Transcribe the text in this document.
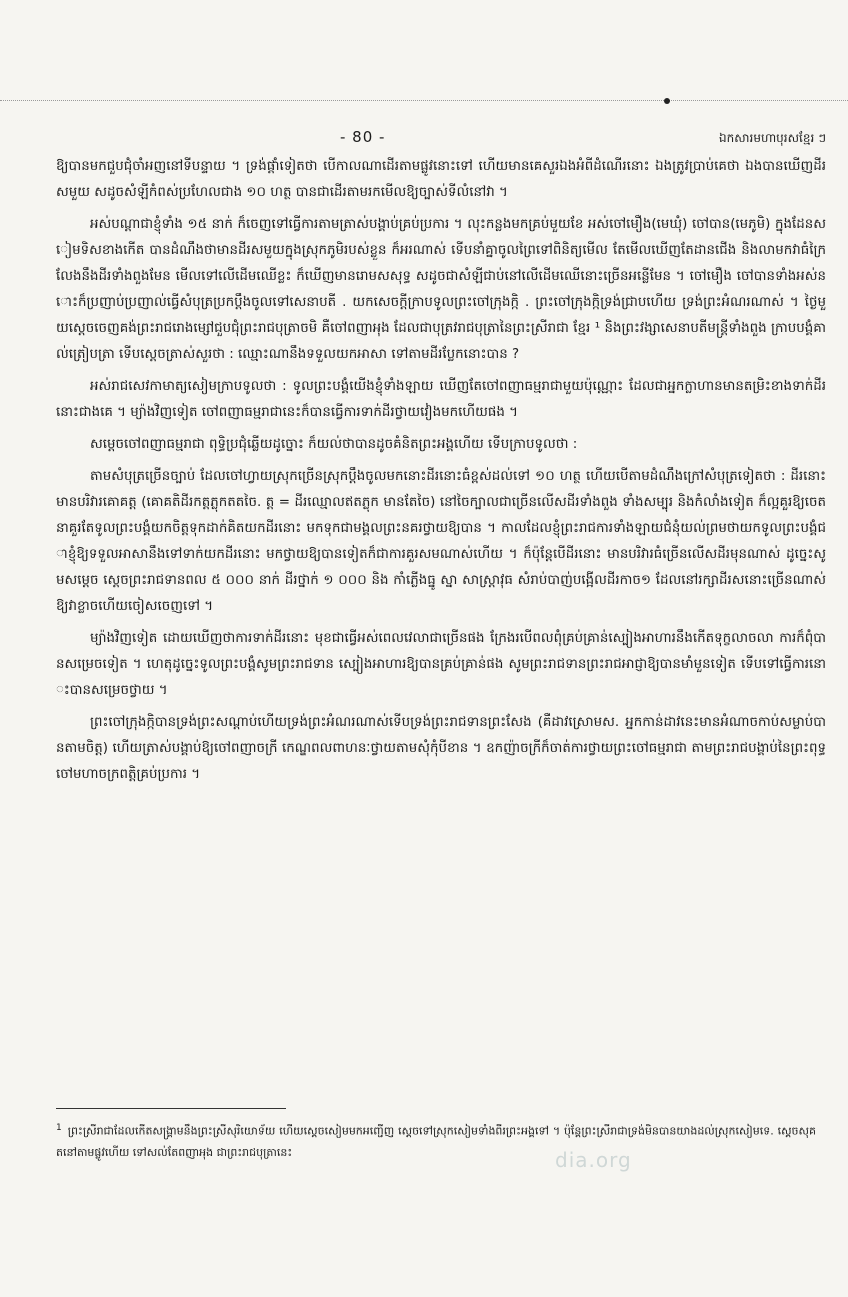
- 80 -	ឯកសារមហាបុរសខ្មែរ ៗ

ឱ្យបានមកជួបជុំចាំអញនៅទីបន្ទាយ ។ ទ្រង់ផ្ដាំទៀតថា បើកាលណាដើរតាមផ្លូវនោះទៅ ហើយមានគេសួរឯងអំពីដំណើរនោះ ឯងត្រូវប្រាប់គេថា ឯងបានឃើញដីរសមួយ សដូចសំឡីកំពស់ប្រហែលជាង ១០ ហត្ថ បានជាដើរតាមរកមើលឱ្យច្បាស់ទីលំនៅវា ។

អស់បណ្ដាជាខ្ញុំទាំង ១៥ នាក់ ក៏ចេញទៅធ្វើការតាមត្រាស់បង្គាប់គ្រប់ប្រការ ។ លុះកន្លងមកគ្រប់មួយខែ អស់ចៅមឿង(មេឃុំ) ចៅបាន(មេភូមិ) ក្នុងដែនសៀមទិសខាងកើត បានដំណឹងថាមានដីរសមួយក្នុងស្រុកភូមិរបស់ខ្លួន ក៏អរណាស់ ទើបនាំគ្នាចូលព្រៃទៅពិនិត្យមើល តែមើលឃើញតែដានជើង និងលាមកវាធំក្រៃលែងនឹងដីរទាំងពួងមែន មើលទៅលើដើមឈើខ្លះ ក៏ឃើញមានរោមសសុទ្ធ សដូចជាសំឡីជាប់នៅលើដើមឈើនោះច្រើនអន្លើមែន ។ ចៅមឿង ចៅបានទាំងអស់នោះក៏ប្រញាប់ប្រញាល់ធ្វើសំបុត្រប្រកប្ដឹងចូលទៅសេនាបតី . យកសេចក្ដីក្រាបទូលព្រះចៅក្រុងក្កិ . ព្រះចៅក្រុងក្កិទ្រង់ជ្រាបហើយ ទ្រង់ព្រះអំណរណាស់ ។ ថ្ងៃមួយស្ដេចចេញគង់ព្រះរាជរោងម្សៅជួបជុំព្រះរាជបុត្រាចមិ គឺចៅពញាអុង ដែលជាបុត្រវរាជបុត្រានៃព្រះស្រីរាជា ខ្មែរ ¹ និងព្រះវង្សាសេនាបតីមន្ត្រីទាំងពួង ក្រាបបង្គំគាល់ត្រៀបត្រា ទើបស្ដេចត្រាស់សួរថា : ឈ្មោះណានឹងទទួលយកអាសា ទៅតាមដីរប្លែកនោះបាន ?

អស់រាជសេវកាមាត្យសៀមក្រាបទូលថា : ទូលព្រះបង្គំយើងខ្ញុំទាំងឡាយ ឃើញតែចៅពញាធម្មរាជាមួយប៉ុណ្ណោះ ដែលជាអ្នកក្លាហានមានតម្រិះខាងទាក់ដីរនោះជាងគេ ។ ម្យ៉ាងវិញទៀត ចៅពញាធម្មរាជានេះក៏បានធ្វើការទាក់ដីរថ្វាយវៀងមកហើយផង ។

សម្ដេចចៅពញាធម្មរាជា ពុទ្ធិប្រជុំឆ្លើយដូច្នោះ ក៏យល់ថាបានដូចគំនិតព្រះអង្គហើយ ទើបក្រាបទូលថា :

តាមសំបុត្រច្រើនច្បាប់ ដែលចៅហ្វាយស្រុកច្រើនស្រុកប្ដឹងចូលមកនោះដីរនោះធំខ្ពស់ដល់ទៅ ១០ ហត្ថ ហើយបើតាមដំណឹងក្រៅសំបុត្រទៀតថា : ដីរនោះមានបរិវារគោគត្ដ (គោគតិដីរកត្តភ្លុកតតចៃ. ត្ដ = ដីរឈ្មោលឥតភ្លុក មានតែចៃ) នៅចៃក្បាលជាច្រើនលើសដីរទាំងពួង ទាំងសម្បុរ និងកំលាំងទៀត ក៏ល្អគួរឱ្យចេតនាគួរតែទូលព្រះបង្គំយកចិត្តទុកដាក់គិតយកដីរនោះ មកទុកជាមង្គលព្រះនគរថ្វាយឱ្យបាន ។ កាលដែលខ្ញុំព្រះរាជការទាំងឡាយជំនុំយល់ព្រមថាយកទូលព្រះបង្គំជាខ្ញុំឱ្យទទួលអាសានឹងទៅទាក់យកដីរនោះ មកថ្វាយឱ្យបានទៀតក៏ជាការគួរសមណាស់ហើយ ។ ក៏ប៉ុន្តែបើដីរនោះ មានបរិវារធំច្រើនលើសដីរមុនណាស់ ដូច្នេះសូមសម្ដេច ស្ដេចព្រះរាជទានពល ៥ ០០០ នាក់ ដីរថ្នាក់ ១ ០០០ និង កាំភ្លើងធ្នូ ស្នា សាស្ត្រាវុធ សំរាប់បាញ់បង្អើលដីរកាច១ ដែលនៅរក្សាដីរសនោះច្រើនណាស់ ឱ្យវាខ្លាចហើយចៀសចេញទៅ ។

ម្យ៉ាងវិញទៀត ដោយឃើញថាការទាក់ដីរនោះ មុខជាធ្វើអស់ពេលវេលាជាច្រើនផង ក្រែងរបើពលពុំគ្រប់គ្រាន់ស្បៀងអាហារនឹងកើតទុក្ខលាចលា ការក៏ពុំបានសម្រេចទៀត ។ ហេតុដូច្នេះទូលព្រះបង្គំសូមព្រះរាជទាន ស្បៀងអាហារឱ្យបានគ្រប់គ្រាន់ផង សូមព្រះរាជទានព្រះរាជអាជ្ញាឱ្យបានមាំមួនទៀត ទើបទៅធ្វើការនោះបានសម្រេចថ្វាយ ។

ព្រះចៅក្រុងក្កិបានទ្រង់ព្រះសណ្ដាប់ហើយទ្រង់ព្រះអំណរណាស់ទើបទ្រង់ព្រះរាជទានព្រះសែង (គឺដាវស្រោមស. អ្នកកាន់ដាវនេះមានអំណាចកាប់សម្លាប់បានតាមចិត្ត) ហើយត្រាស់បង្គាប់ឱ្យចៅពញាចក្រី កេណ្ឌពលពាហនៈថ្វាយតាមសុំកុំបីខាន ។ ឧកញ៉ាចក្រីក៏ចាត់ការថ្វាយព្រះចៅធម្មរាជា តាមព្រះរាជបង្គាប់នៃព្រះពុទ្ធចៅមហាចក្រពត្តិគ្រប់ប្រការ ។

$^1$ ព្រះស្រីរាជាដែលកើតសង្គ្រាមនឹងព្រះស្រីសុរិយោទ័យ ហើយស្ដេចសៀមមកអញ្ជើញ ស្ដេចទៅស្រុកសៀមទាំងពីរព្រះអង្គទៅ ។ ប៉ុន្តែព្រះស្រីរាជាទ្រង់មិនបានយាងដល់ស្រុកសៀមទេ. ស្ដេចសុគតនៅតាមផ្លូវហើយ ទៅសល់តែពញាអុង ជាព្រះរាជបុត្រានេះ	dia.org
